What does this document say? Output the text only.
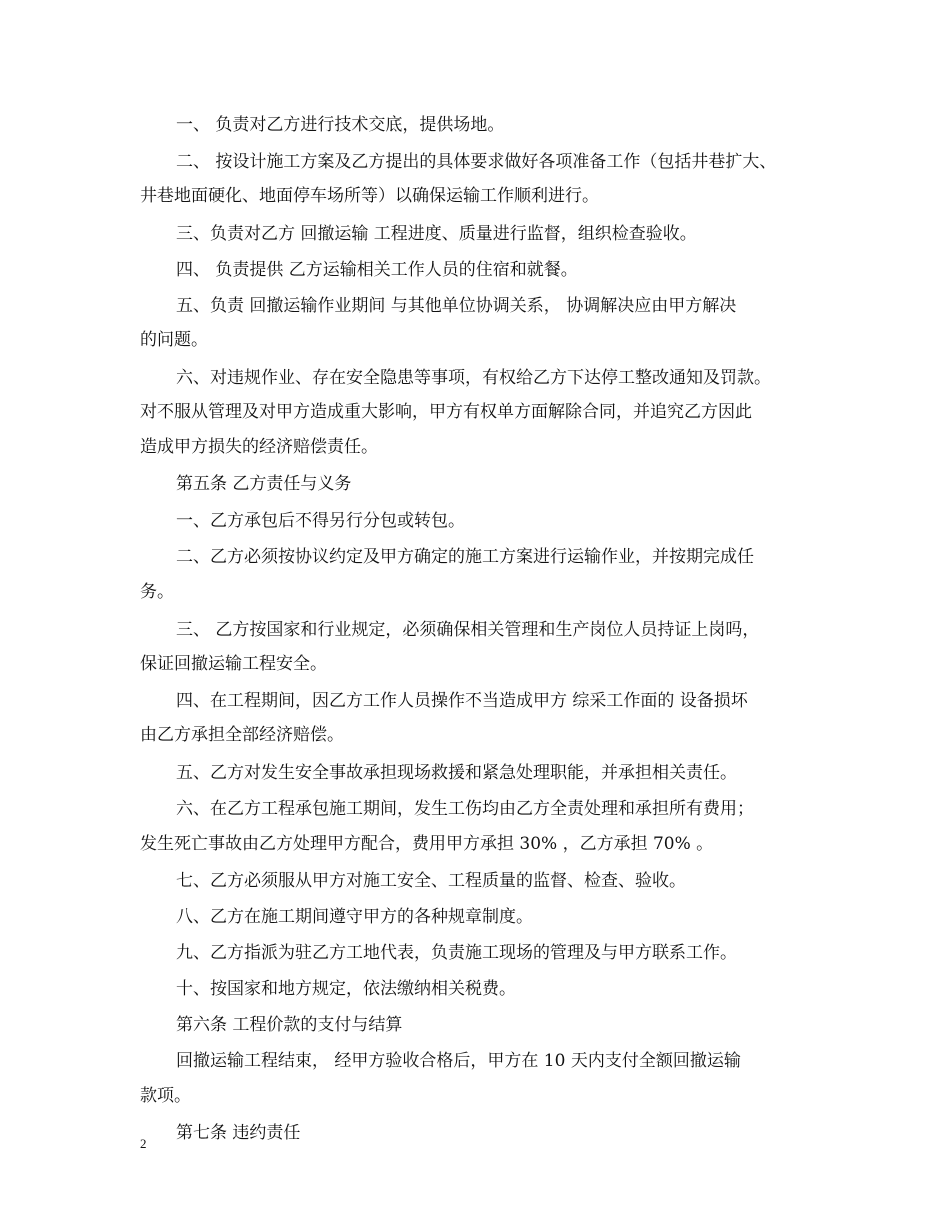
一、 负责对乙方进行技术交底，提供场地。
二、 按设计施工方案及乙方提出的具体要求做好各项准备工作（包括井巷扩大、
井巷地面硬化、地面停车场所等）以确保运输工作顺利进行。
三、负责对乙方 回撤运输 工程进度、质量进行监督，组织检查验收。
四、 负责提供 乙方运输相关工作人员的住宿和就餐。
五、负责 回撤运输作业期间 与其他单位协调关系， 协调解决应由甲方解决
的问题。
六、对违规作业、存在安全隐患等事项，有权给乙方下达停工整改通知及罚款。
对不服从管理及对甲方造成重大影响，甲方有权单方面解除合同，并追究乙方因此
造成甲方损失的经济赔偿责任。
第五条 乙方责任与义务
一、乙方承包后不得另行分包或转包。
二、乙方必须按协议约定及甲方确定的施工方案进行运输作业，并按期完成任
务。
三、 乙方按国家和行业规定，必须确保相关管理和生产岗位人员持证上岗吗，
保证回撤运输工程安全。
四、在工程期间，因乙方工作人员操作不当造成甲方 综采工作面的 设备损坏
由乙方承担全部经济赔偿。
五、乙方对发生安全事故承担现场救援和紧急处理职能，并承担相关责任。
六、在乙方工程承包施工期间，发生工伤均由乙方全责处理和承担所有费用；
发生死亡事故由乙方处理甲方配合，费用甲方承担 30% ，乙方承担 70% 。
七、乙方必须服从甲方对施工安全、工程质量的监督、检查、验收。
八、乙方在施工期间遵守甲方的各种规章制度。
九、乙方指派为驻乙方工地代表，负责施工现场的管理及与甲方联系工作。
十、按国家和地方规定，依法缴纳相关税费。
第六条 工程价款的支付与结算
回撤运输工程结束， 经甲方验收合格后，甲方在 10 天内支付全额回撤运输
款项。
第七条 违约责任
2
